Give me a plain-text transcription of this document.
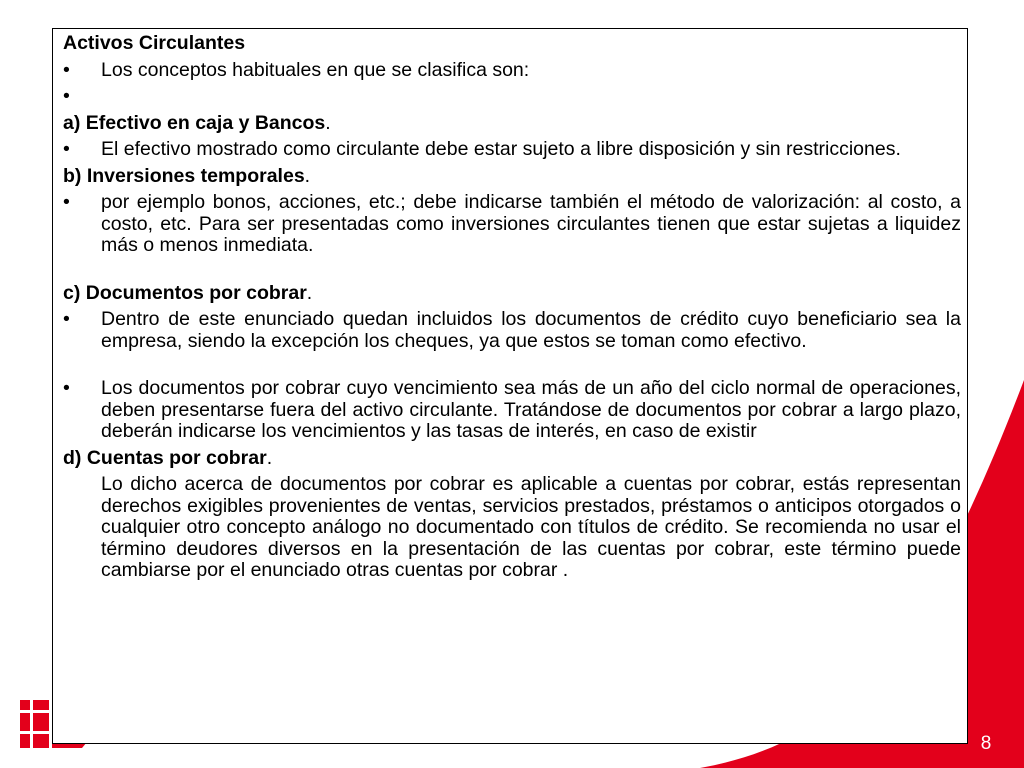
Activos Circulantes

•	Los conceptos habituales en que se clasifica son:
•

a) Efectivo en caja y Bancos.

•	El efectivo mostrado como circulante debe estar sujeto a libre disposición y sin restricciones.

b) Inversiones temporales.

•	por ejemplo bonos, acciones, etc.; debe indicarse también el método de valorización: al costo, a costo, etc. Para ser presentadas como inversiones circulantes tienen que estar sujetas a liquidez más o menos inmediata.

c) Documentos por cobrar.

•	Dentro de este enunciado quedan incluidos los documentos de crédito cuyo beneficiario sea la empresa, siendo la excepción los cheques, ya que estos se toman como efectivo.
•	Los documentos por cobrar cuyo vencimiento sea más de un año del ciclo normal de operaciones, deben presentarse fuera del activo circulante. Tratándose de documentos por cobrar a largo plazo, deberán indicarse los vencimientos y las tasas de interés, en caso de existir

d) Cuentas por cobrar.

Lo dicho acerca de documentos por cobrar es aplicable a cuentas por cobrar, estás representan derechos exigibles provenientes de ventas, servicios prestados, préstamos o anticipos otorgados o cualquier otro concepto análogo no documentado con títulos de crédito. Se recomienda no usar el término deudores diversos en la presentación de las cuentas por cobrar, este término puede cambiarse por el enunciado otras cuentas por cobrar .

8
